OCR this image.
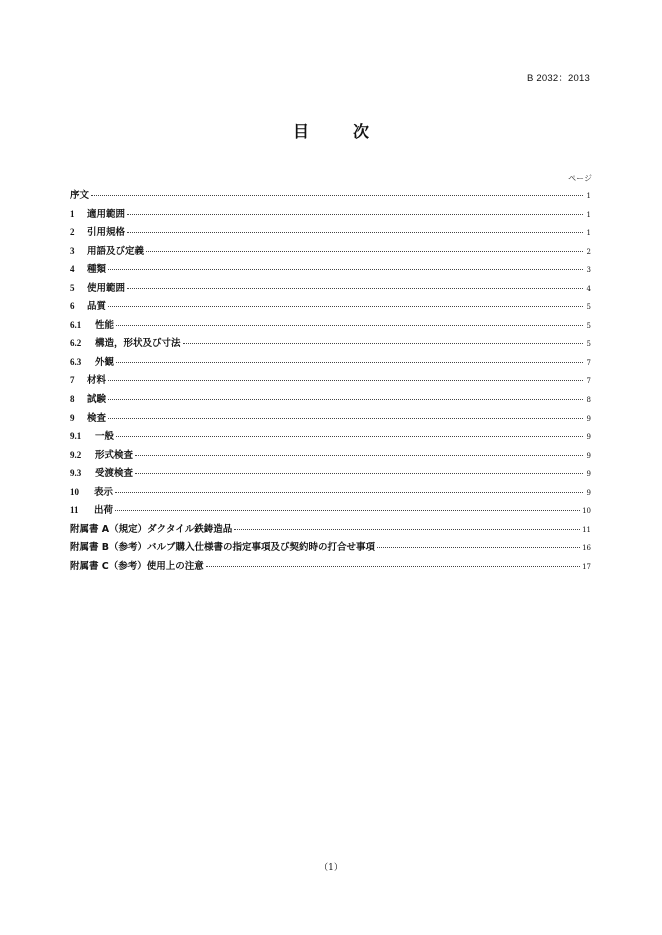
B 2032：2013
目　次
ページ
序文	1
1	適用範囲	1
2	引用規格	1
3	用語及び定義	2
4	種類	3
5	使用範囲	4
6	品質	5
6.1	性能	5
6.2	構造，形状及び寸法	5
6.3	外観	7
7	材料	7
8	試験	8
9	検査	9
9.1	一般	9
9.2	形式検査	9
9.3	受渡検査	9
10	表示	9
11	出荷	10
附属書 A（規定）ダクタイル鉄鋳造品	11
附属書 B（参考）バルブ購入仕様書の指定事項及び契約時の打合せ事項	16
附属書 C（参考）使用上の注意	17
（1）
